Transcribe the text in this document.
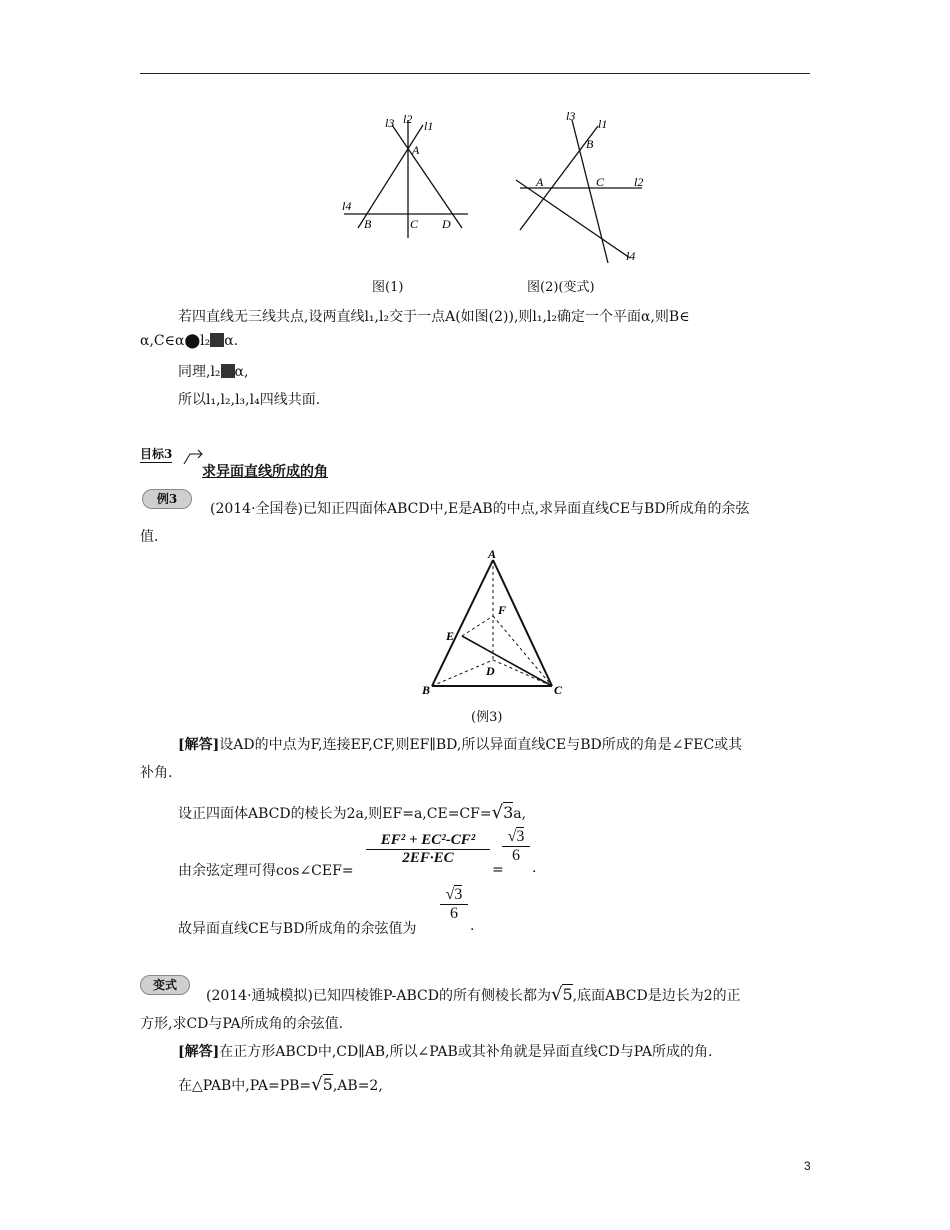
l3 l2 l1
A
l4
B	C D
图(1)
l3
l1
B
A	C l2
l4
图(2)(变式)
若四直线无三线共点,设两直线l₁,l₂交于一点A(如图(2)),则l₁,l₂确定一个平面α,则B∈
α,C∈α⬤l₂ α.
同理,l₂ α,
所以l₁,l₂,l₃,l₄四线共面.
目标3
求异面直线所成的角
例3
(2014·全国卷)已知正四面体ABCD中,E是AB的中点,求异面直线CE与BD所成角的余弦
值.
A
F
E
D
B	C
(例3)
[解答]设AD的中点为F,连接EF,CF,则EF∥BD,所以异面直线CE与BD所成的角是∠FEC或其
补角.
设正四面体ABCD的棱长为2a,则EF=a,CE=CF=√3a,
由余弦定理可得cos∠CEF=
EF² + EC²-CF²
2EF·EC
=
√3
6
.
故异面直线CE与BD所成角的余弦值为
√3
6
.
变式
(2014·通城模拟)已知四棱锥P-ABCD的所有侧棱长都为√5,底面ABCD是边长为2的正
方形,求CD与PA所成角的余弦值.
[解答]在正方形ABCD中,CD∥AB,所以∠PAB或其补角就是异面直线CD与PA所成的角.
在△PAB中,PA=PB=√5,AB=2,
3
